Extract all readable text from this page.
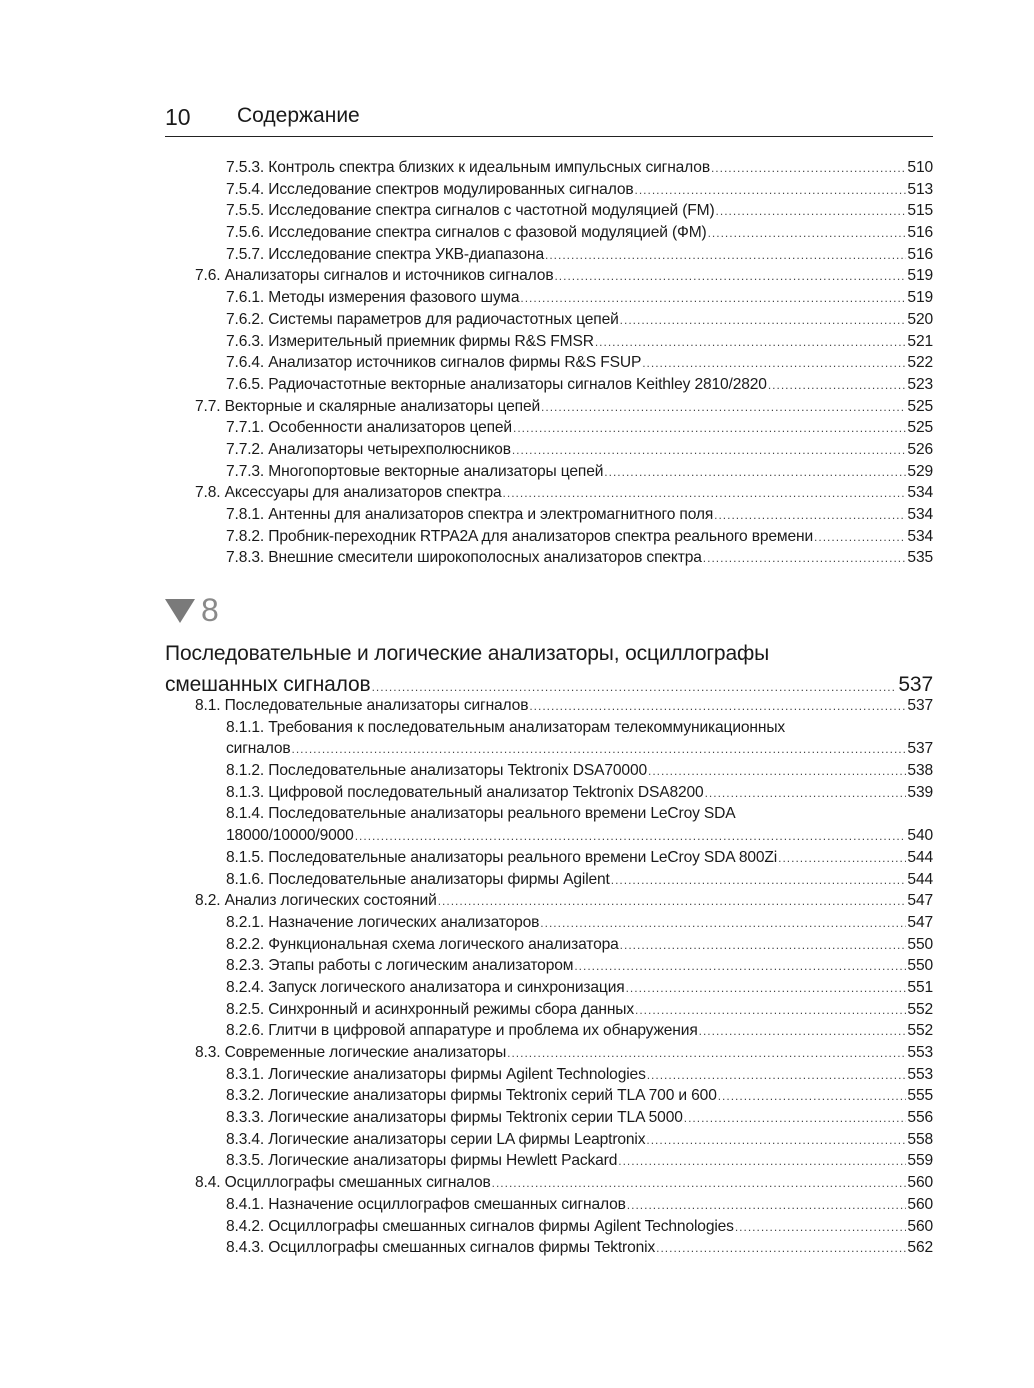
10 Содержание
7.5.3. Контроль спектра близких к идеальным импульсных сигналов .....	510
7.5.4. Исследование спектров модулированных сигналов .....	513
7.5.5. Исследование спектра сигналов с частотной модуляцией (FM) .....	515
7.5.6. Исследование спектра сигналов с фазовой модуляцией (ФМ) .....	516
7.5.7. Исследование спектра УКВ-диапазона .....	516
7.6. Анализаторы сигналов и источников сигналов .....	519
7.6.1. Методы измерения фазового шума .....	519
7.6.2. Системы параметров для радиочастотных цепей .....	520
7.6.3. Измерительный приемник фирмы R&S FMSR .....	521
7.6.4. Анализатор источников сигналов фирмы R&S FSUP .....	522
7.6.5. Радиочастотные векторные анализаторы сигналов Keithley 2810/2820 .....	523
7.7. Векторные и скалярные анализаторы цепей .....	525
7.7.1. Особенности анализаторов цепей .....	525
7.7.2. Анализаторы четырехполюсников .....	526
7.7.3. Многопортовые векторные анализаторы цепей .....	529
7.8. Аксессуары для анализаторов спектра .....	534
7.8.1. Антенны для анализаторов спектра и электромагнитного поля .....	534
7.8.2. Пробник-переходник RTPA2A для анализаторов спектра реального времени .....	534
7.8.3. Внешние смесители широкополосных анализаторов спектра .....	535
8
Последовательные и логические анализаторы, осциллографы
смешанных сигналов .....	537
8.1. Последовательные анализаторы сигналов .....	537
8.1.1. Требования к последовательным анализаторам телекоммуникационных
сигналов .....	537
8.1.2. Последовательные анализаторы Tektronix DSA70000 .....	538
8.1.3. Цифровой последовательный анализатор Tektronix DSA8200 .....	539
8.1.4. Последовательные анализаторы реального времени LeCroy SDA
18000/10000/9000 .....	540
8.1.5. Последовательные анализаторы реального времени LeCroy SDA 800Zi .....	544
8.1.6. Последовательные анализаторы фирмы Agilent .....	544
8.2. Анализ логических состояний .....	547
8.2.1. Назначение логических анализаторов .....	547
8.2.2. Функциональная схема логического анализатора .....	550
8.2.3. Этапы работы с логическим анализатором .....	550
8.2.4. Запуск логического анализатора и синхронизация .....	551
8.2.5. Синхронный и асинхронный режимы сбора данных .....	552
8.2.6. Глитчи в цифровой аппаратуре и проблема их обнаружения .....	552
8.3. Современные логические анализаторы .....	553
8.3.1. Логические анализаторы фирмы Agilent Technologies .....	553
8.3.2. Логические анализаторы фирмы Tektronix серий TLA 700 и 600 .....	555
8.3.3. Логические анализаторы фирмы Tektronix серии TLA 5000 .....	556
8.3.4. Логические анализаторы серии LA фирмы Leaptronix .....	558
8.3.5. Логические анализаторы фирмы Hewlett Packard .....	559
8.4. Осциллографы смешанных сигналов .....	560
8.4.1. Назначение осциллографов смешанных сигналов .....	560
8.4.2. Осциллографы смешанных сигналов фирмы Agilent Technologies .....	560
8.4.3. Осциллографы смешанных сигналов фирмы Tektronix .....	562
